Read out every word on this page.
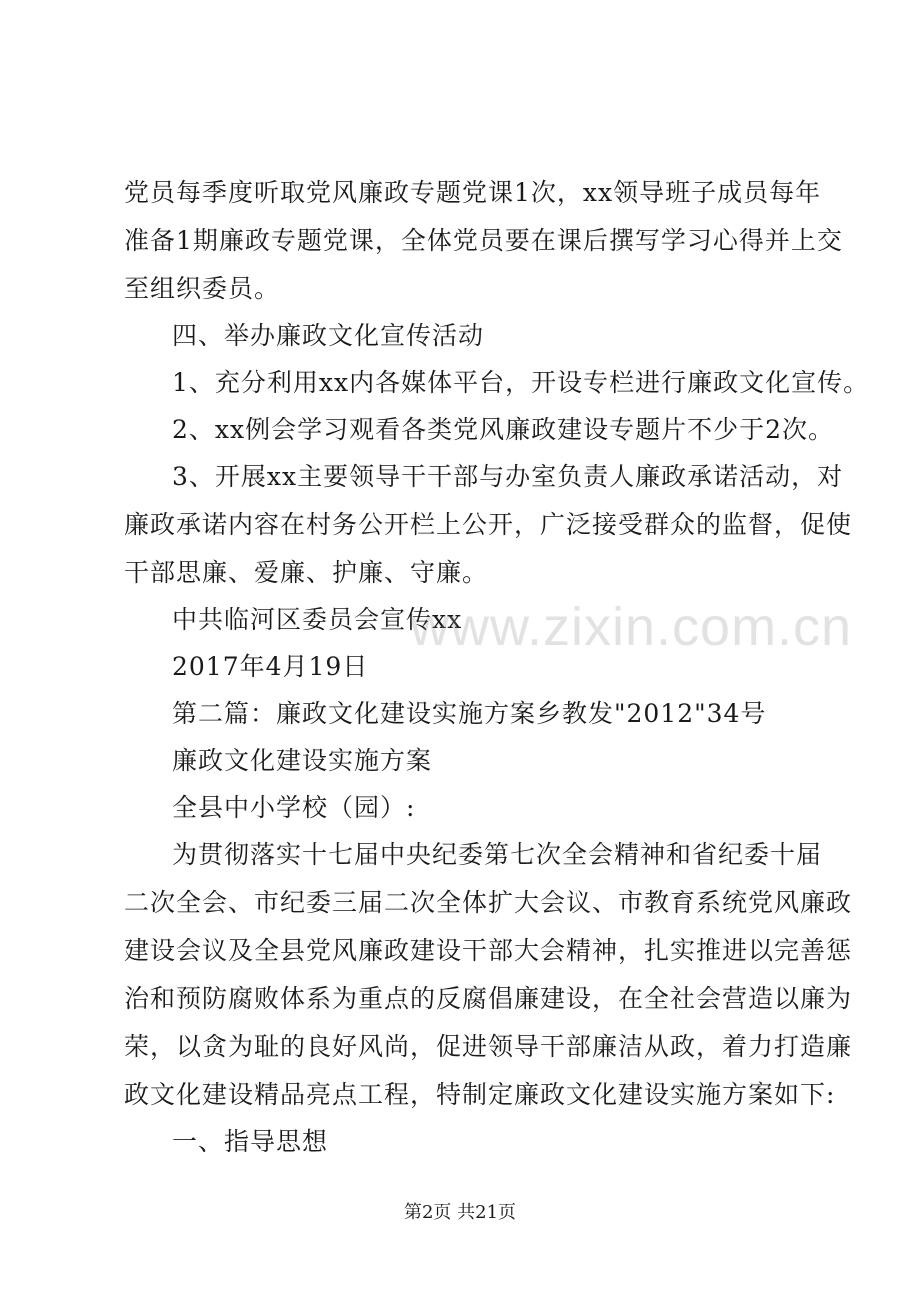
党员每季度听取党风廉政专题党课1次，xx领导班子成员每年
准备1期廉政专题党课，全体党员要在课后撰写学习心得并上交
至组织委员。
四、举办廉政文化宣传活动
1、充分利用xx内各媒体平台，开设专栏进行廉政文化宣传。
2、xx例会学习观看各类党风廉政建设专题片不少于2次。
3、开展xx主要领导干干部与办室负责人廉政承诺活动，对
廉政承诺内容在村务公开栏上公开，广泛接受群众的监督，促使
干部思廉、爱廉、护廉、守廉。
中共临河区委员会宣传xx
2017年4月19日
第二篇：廉政文化建设实施方案乡教发"2012"34号
廉政文化建设实施方案
全县中小学校（园）:
为贯彻落实十七届中央纪委第七次全会精神和省纪委十届
二次全会、市纪委三届二次全体扩大会议、市教育系统党风廉政
建设会议及全县党风廉政建设干部大会精神，扎实推进以完善惩
治和预防腐败体系为重点的反腐倡廉建设，在全社会营造以廉为
荣，以贪为耻的良好风尚，促进领导干部廉洁从政，着力打造廉
政文化建设精品亮点工程，特制定廉政文化建设实施方案如下:
一、指导思想
www.zixin.com.cn
第2页 共21页
